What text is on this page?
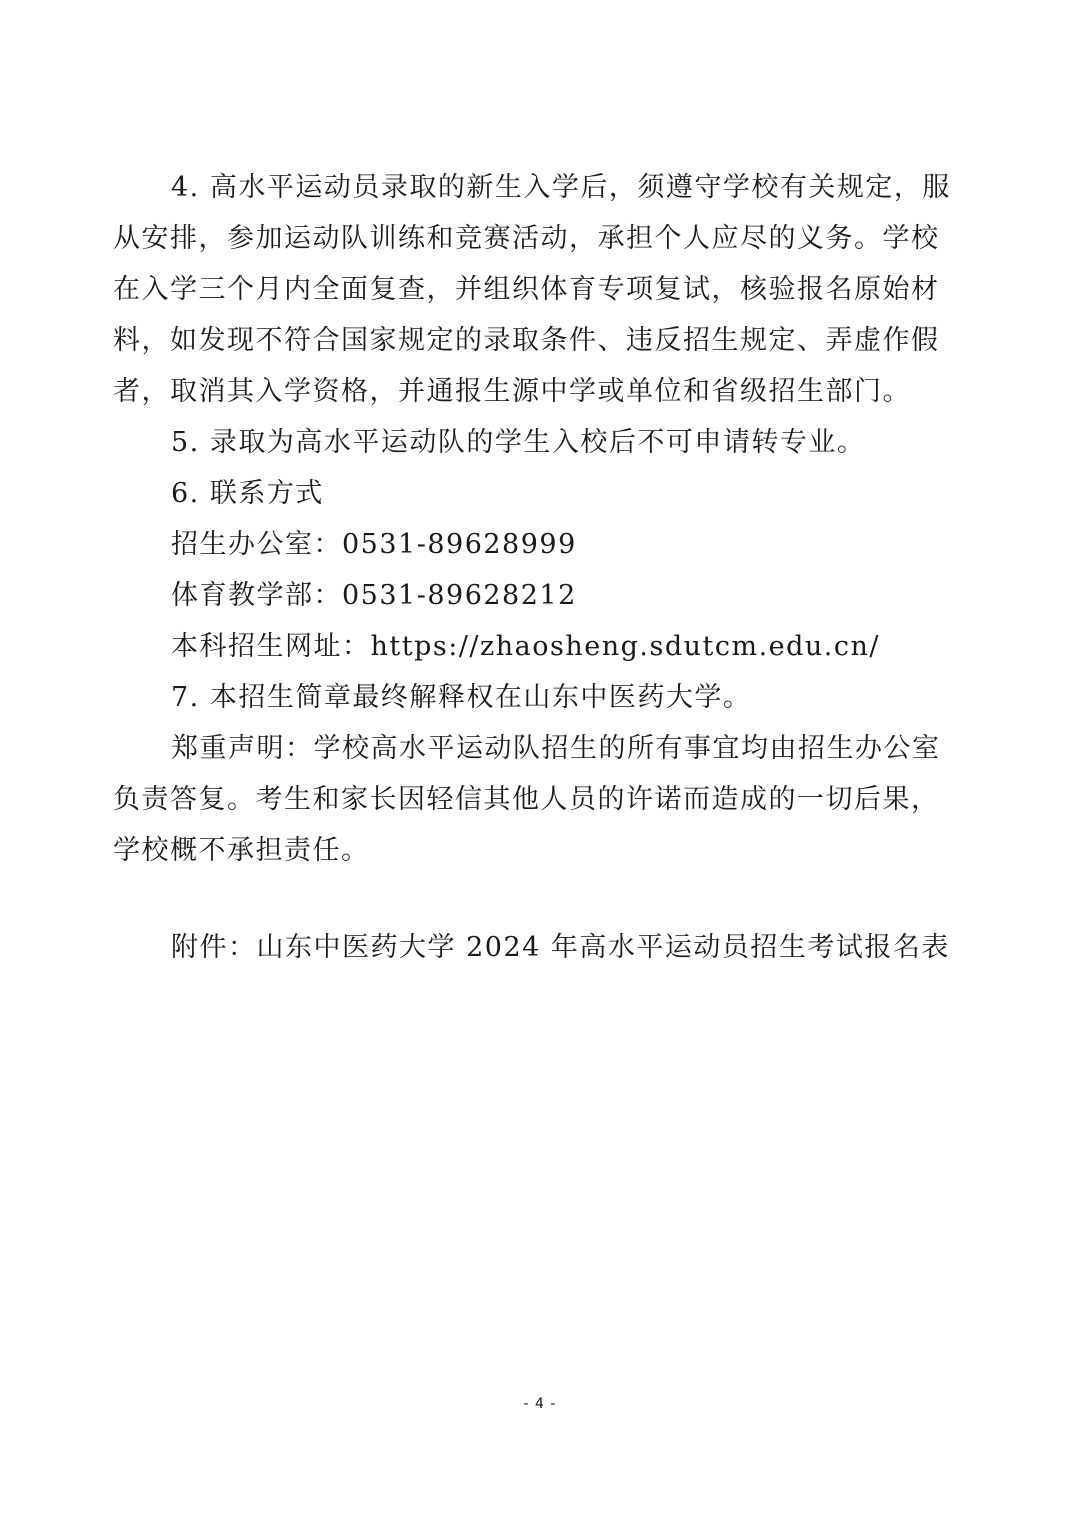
4. 高水平运动员录取的新生入学后，须遵守学校有关规定，服
从安排，参加运动队训练和竞赛活动，承担个人应尽的义务。学校
在入学三个月内全面复查，并组织体育专项复试，核验报名原始材
料，如发现不符合国家规定的录取条件、违反招生规定、弄虚作假
者，取消其入学资格，并通报生源中学或单位和省级招生部门。
5. 录取为高水平运动队的学生入校后不可申请转专业。
6. 联系方式
招生办公室：0531-89628999
体育教学部：0531-89628212
本科招生网址：https://zhaosheng.sdutcm.edu.cn/
7. 本招生简章最终解释权在山东中医药大学。
郑重声明：学校高水平运动队招生的所有事宜均由招生办公室
负责答复。考生和家长因轻信其他人员的许诺而造成的一切后果，
学校概不承担责任。
附件：山东中医药大学 2024 年高水平运动员招生考试报名表
- 4 -
